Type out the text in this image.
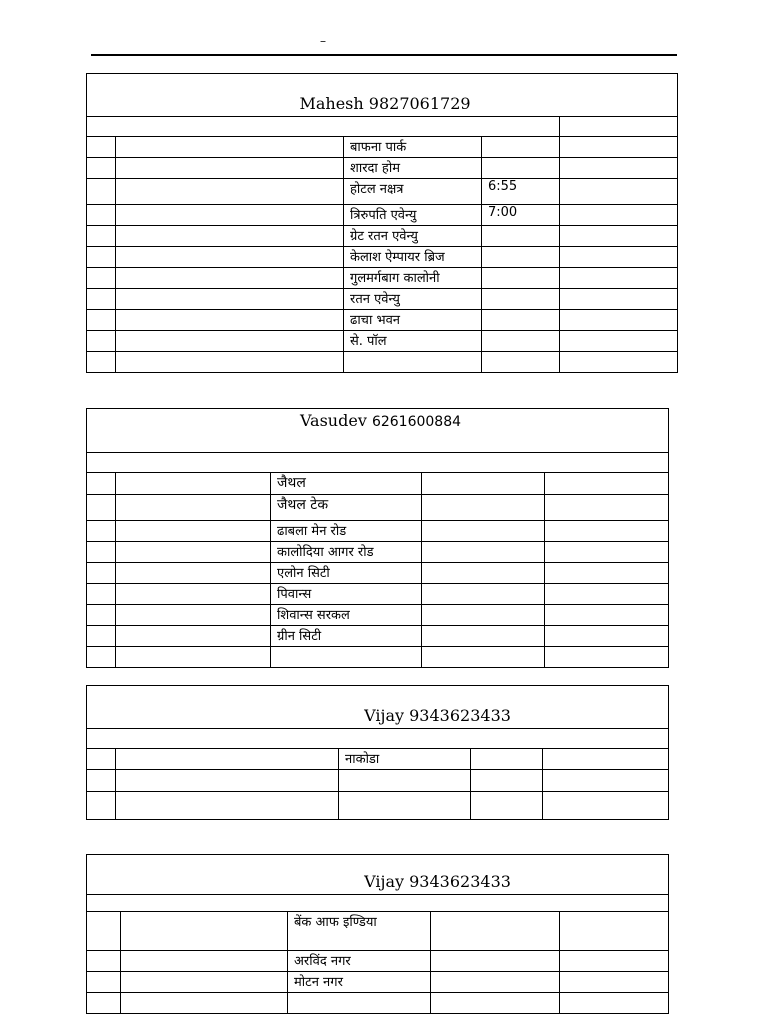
–
Mahesh 9827061729				

		बाफना पार्क		
		शारदा होम		
		होटल नक्षत्र	6:55	
		त्रिरुपति एवेन्यु	7:00	
		ग्रेट रतन एवेन्यु		
		केलाश ऐम्पायर ब्रिज		
		गुलमर्गबाग कालोनी		
		रतन एवेन्यु		
		ढाचा भवन		
		से. पॉल		

Vasudev 6261600884				

		जैथल		
		जैथल टेक		
		ढाबला मेन रोड		
		कालोदिया आगर रोड		
		एलोन सिटी		
		पिवान्स		
		शिवान्स सरकल		
		ग्रीन सिटी		

Vijay 9343623433				

		नाकोडा		

Vijay 9343623433				

		बेंक आफ इण्डिया		
		अरविंद नगर		
		मोटन नगर		
